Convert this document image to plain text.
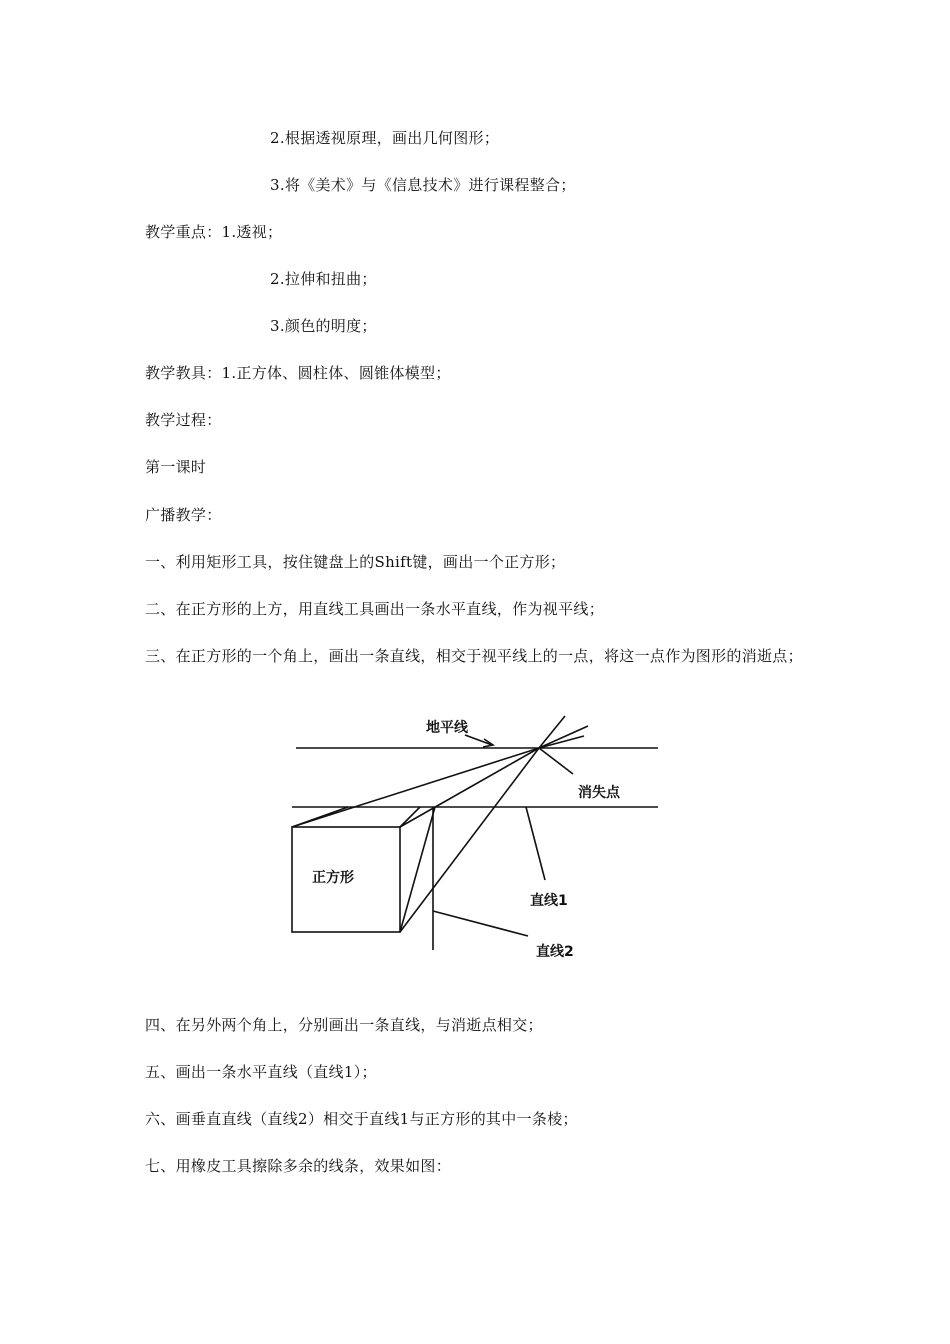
2.根据透视原理，画出几何图形；
3.将《美术》与《信息技术》进行课程整合；
教学重点：1.透视；
2.拉伸和扭曲；
3.颜色的明度；
教学教具：1.正方体、圆柱体、圆锥体模型；
教学过程：
第一课时
广播教学：
一、利用矩形工具，按住键盘上的Shift键，画出一个正方形；
二、在正方形的上方，用直线工具画出一条水平直线，作为视平线；
三、在正方形的一个角上，画出一条直线，相交于视平线上的一点，将这一点作为图形的消逝点；
地平线
消失点
正方形
直线1
直线2
四、在另外两个角上，分别画出一条直线，与消逝点相交；
五、画出一条水平直线（直线1）；
六、画垂直直线（直线2）相交于直线1与正方形的其中一条棱；
七、用橡皮工具擦除多余的线条，效果如图：
